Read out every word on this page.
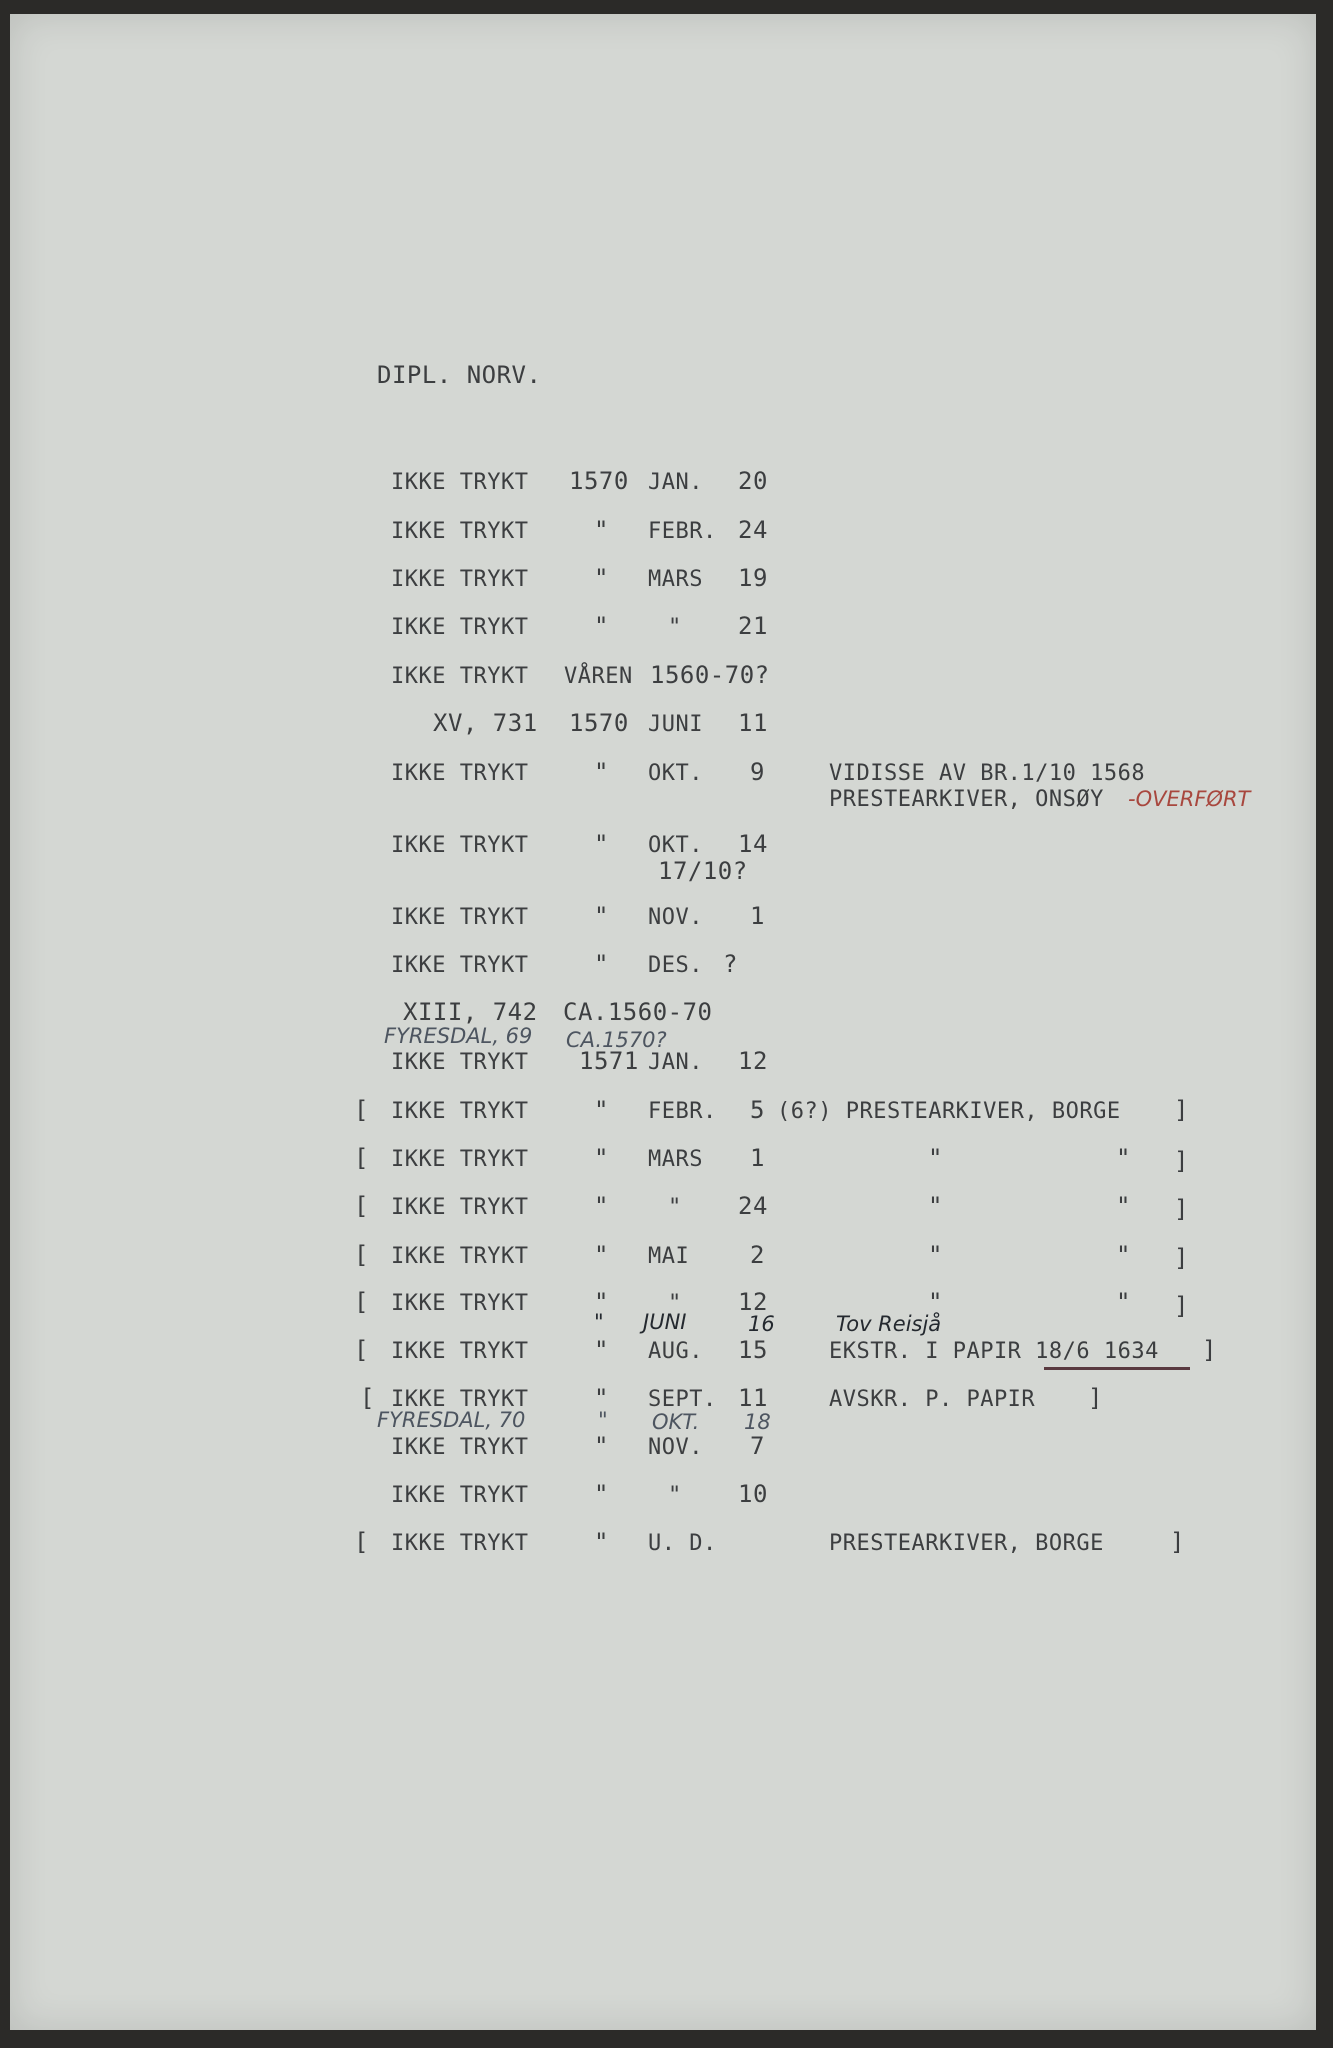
DIPL. NORV.
IKKE TRYKT 1570 JAN. 20
IKKE TRYKT	" FEBR. 24
IKKE TRYKT	" MARS 19
IKKE TRYKT	"	" 21
IKKE TRYKT VÅREN 1560-70?
XV, 731 1570 JUNI 11
IKKE TRYKT	" OKT. 9	VIDISSE AV BR.1/10 1568
PRESTEARKIVER, ONSØY -OVERFØRT
IKKE TRYKT	" OKT. 14
17/10?
IKKE TRYKT	" NOV. 1
IKKE TRYKT	" DES. ?
XIII, 742 CA.1560-70
FYRESDAL, 69 CA.1570?
IKKE TRYKT 1571 JAN. 12
[ IKKE TRYKT	" FEBR. 5 (6?) PRESTEARKIVER, BORGE ]
[ IKKE TRYKT	" MARS 1	"	" ]
[ IKKE TRYKT	"	" 24	"	" ]
[ IKKE TRYKT	" MAI	2	"	" ]
[ IKKE TRYKT	"	" 12	"	" ]
" JUNI	16	Tov Reisjå
[ IKKE TRYKT	" AUG. 15	EKSTR. I PAPIR 18/6 1634 ]
[ IKKE TRYKT	" SEPT. 11	AVSKR. P. PAPIR ]
FYRESDAL, 70	" OKT. 18
IKKE TRYKT	" NOV. 7
IKKE TRYKT	"	" 10
[ IKKE TRYKT	" U. D.	PRESTEARKIVER, BORGE	]
